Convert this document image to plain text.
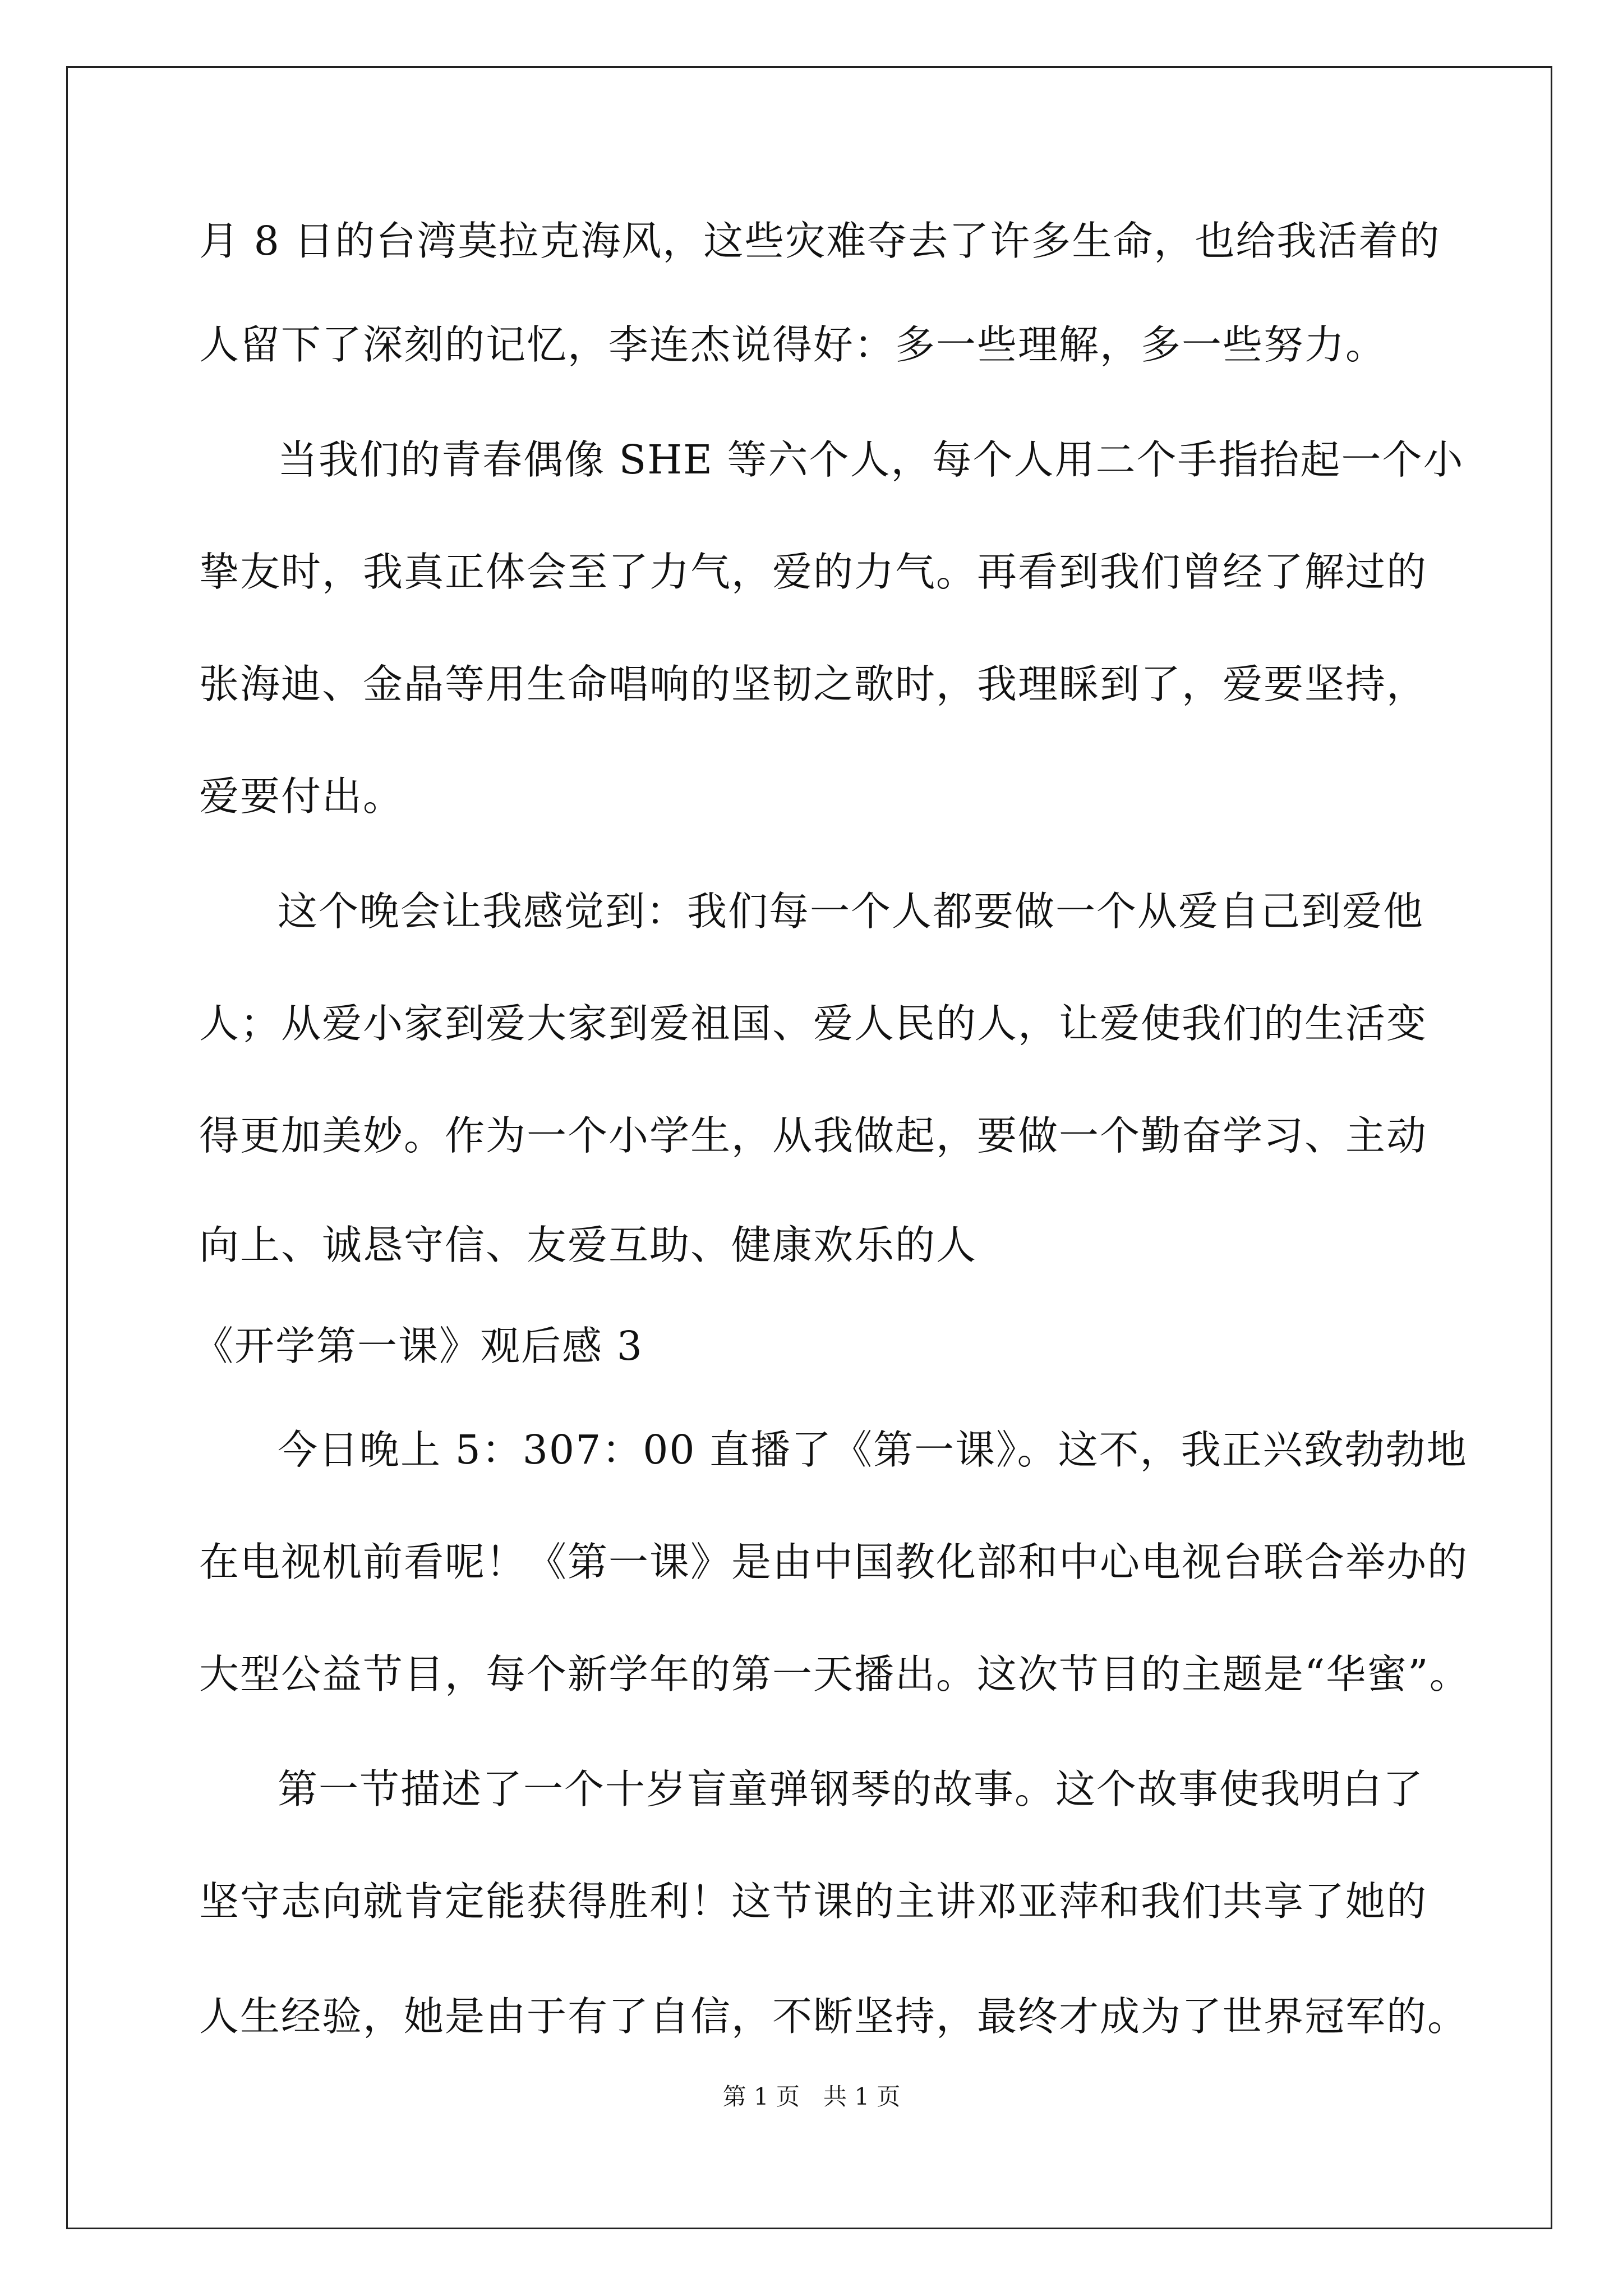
月 8 日的台湾莫拉克海风，这些灾难夺去了许多生命，也给我活着的
人留下了深刻的记忆，李连杰说得好：多一些理解，多一些努力。
当我们的青春偶像 SHE 等六个人，每个人用二个手指抬起一个小
挚友时，我真正体会至了力气，爱的力气。再看到我们曾经了解过的
张海迪、金晶等用生命唱响的坚韧之歌时，我理睬到了，爱要坚持，
爱要付出。
这个晚会让我感觉到：我们每一个人都要做一个从爱自己到爱他
人；从爱小家到爱大家到爱祖国、爱人民的人，让爱使我们的生活变
得更加美妙。作为一个小学生，从我做起，要做一个勤奋学习、主动
向上、诚恳守信、友爱互助、健康欢乐的人
《开学第一课》观后感 3
今日晚上 5：307：00 直播了《第一课》。这不，我正兴致勃勃地
在电视机前看呢！《第一课》是由中国教化部和中心电视台联合举办的
大型公益节目，每个新学年的第一天播出。这次节目的主题是“华蜜”。
第一节描述了一个十岁盲童弹钢琴的故事。这个故事使我明白了
坚守志向就肯定能获得胜利！这节课的主讲邓亚萍和我们共享了她的
人生经验，她是由于有了自信，不断坚持，最终才成为了世界冠军的。
第 1 页　共 1 页
